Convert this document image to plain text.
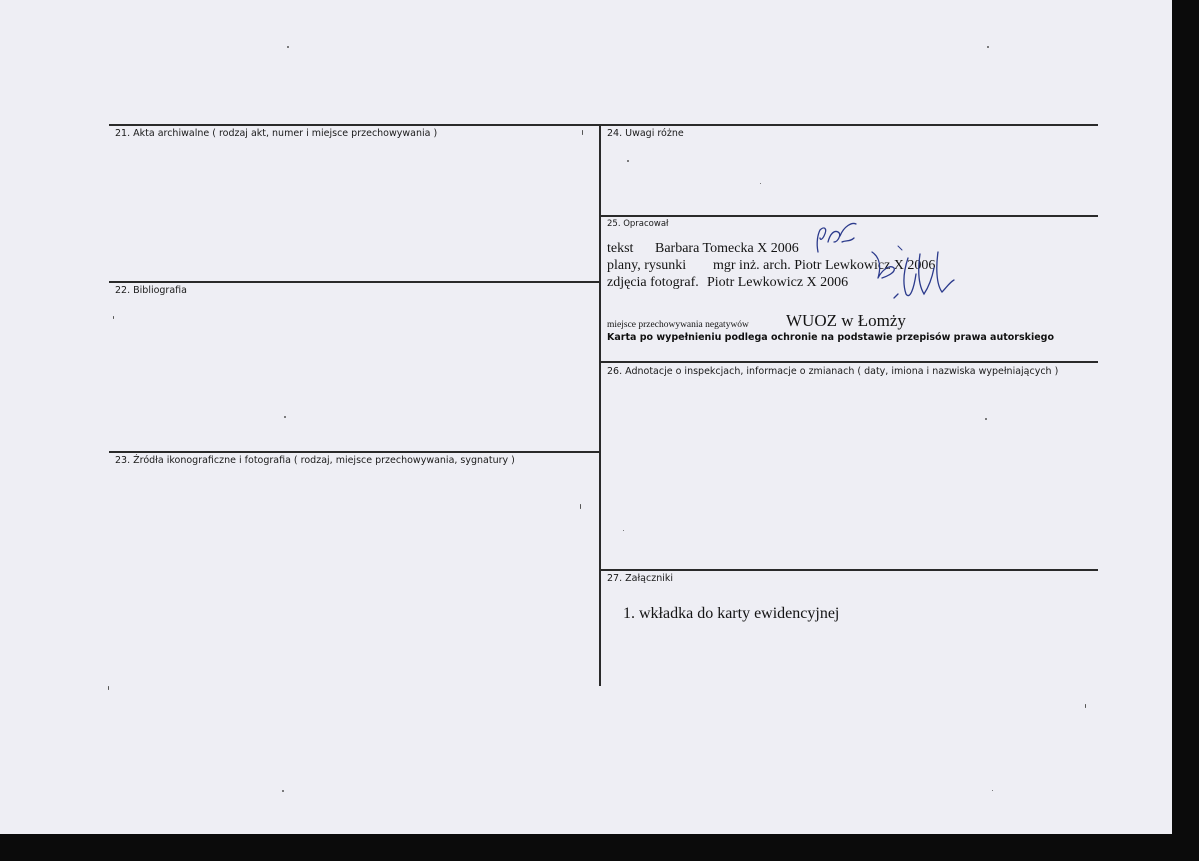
21. Akta archiwalne ( rodzaj akt, numer i miejsce przechowywania )
22. Bibliografia
23. Źródła ikonograficzne i fotografia ( rodzaj, miejsce przechowywania, sygnatury )
24. Uwagi różne
25. Opracował
tekst Barbara Tomecka X 2006
plany, rysunki mgr inż. arch. Piotr Lewkowicz X 2006
zdjęcia fotograf. Piotr Lewkowicz X 2006
miejsce przechowywania negatywów WUOZ w Łomży
Karta po wypełnieniu podlega ochronie na podstawie przepisów prawa autorskiego
26. Adnotacje o inspekcjach, informacje o zmianach ( daty, imiona i nazwiska wypełniających )
27. Załączniki
1. wkładka do karty ewidencyjnej
